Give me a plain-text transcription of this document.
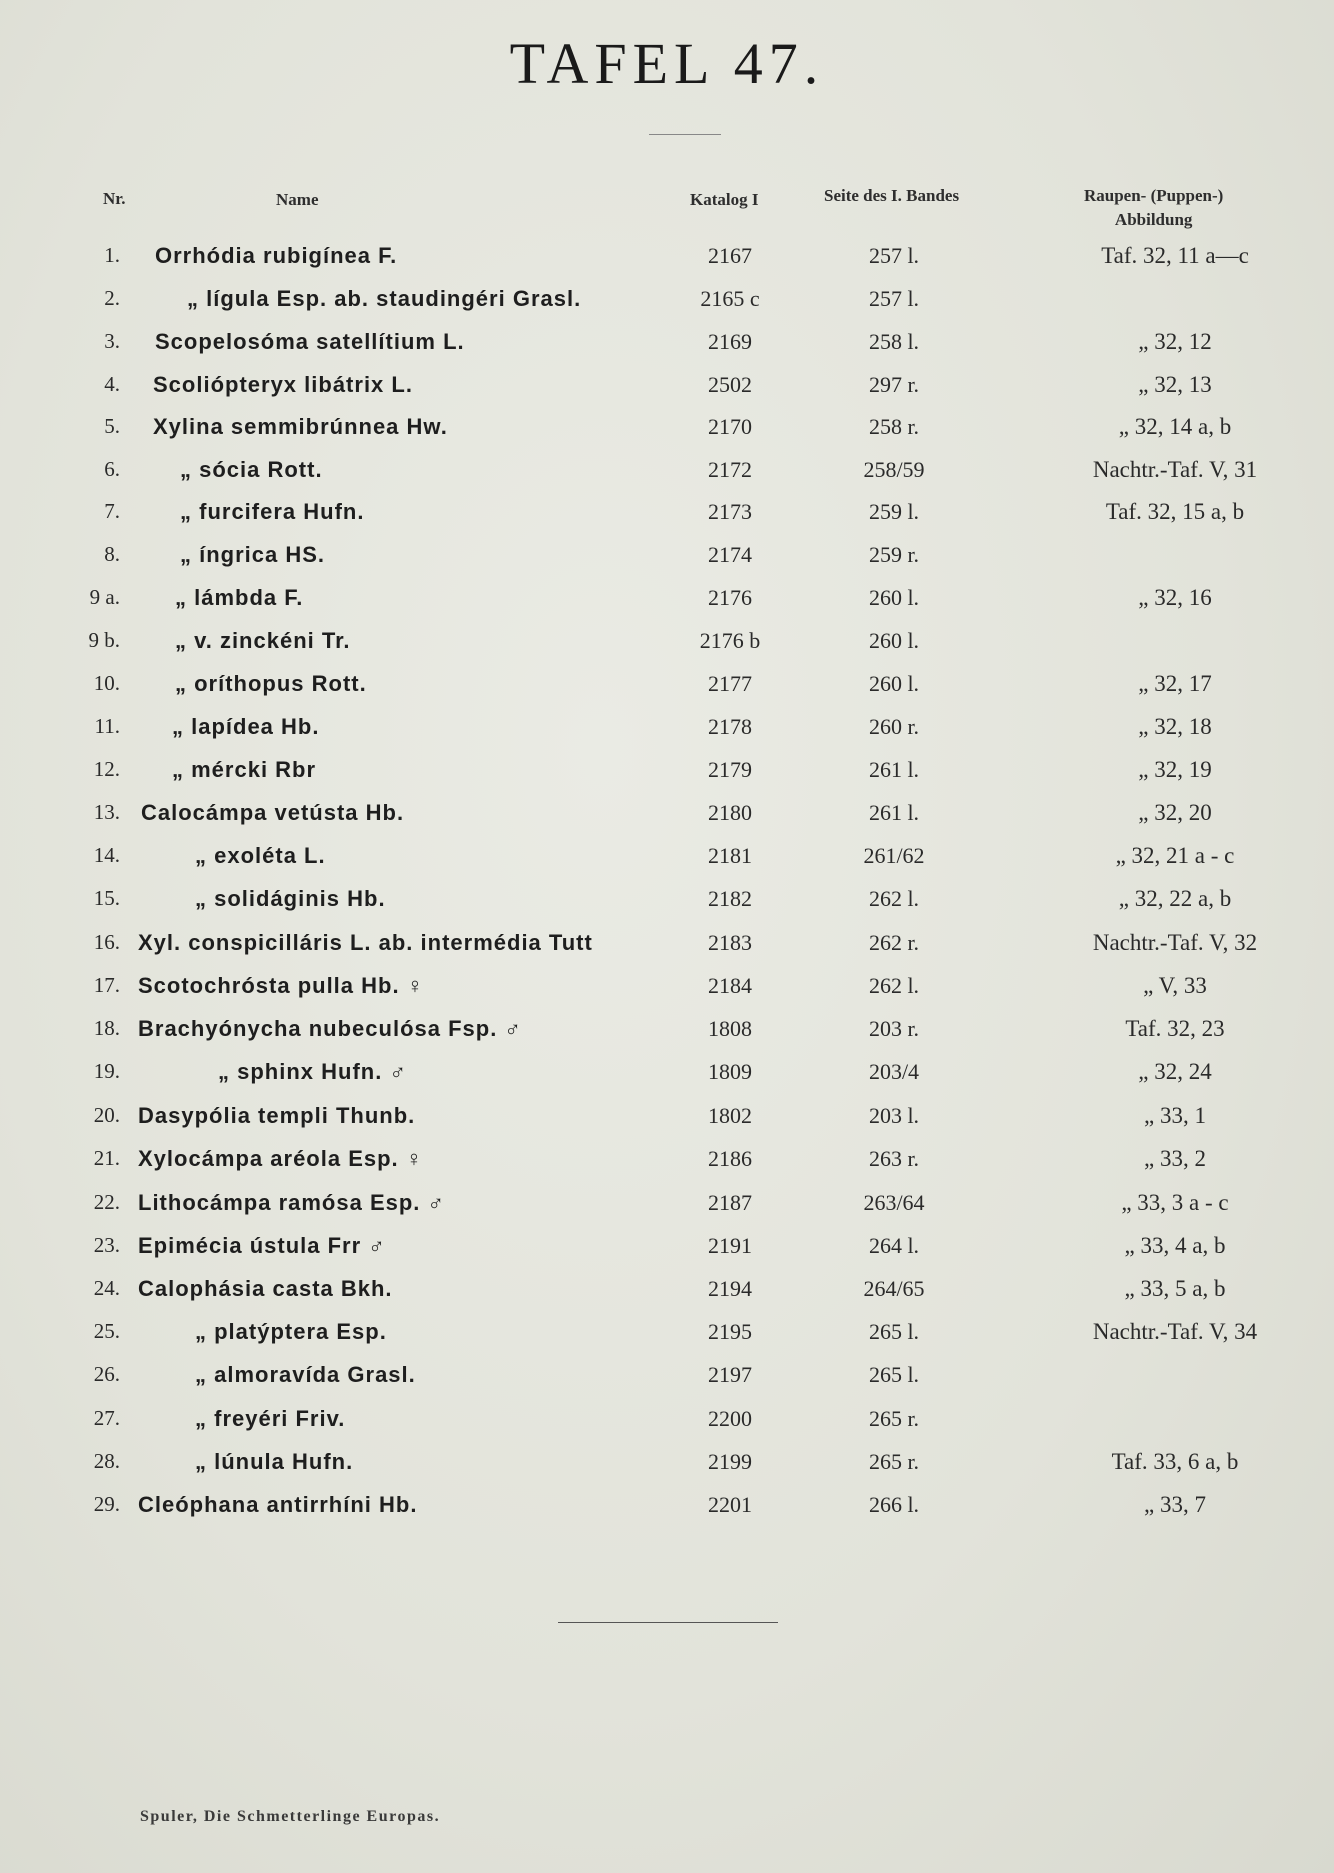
TAFEL 47.
Nr.	Name	Katalog I	Seite des I. Bandes	Raupen- (Puppen-)
Abbildung
1. Orrhódia rubigínea F.	2167	257 l.	Taf. 32, 11 a—c
2.	„ lígula Esp. ab. staudingéri Grasl.	2165 c	257 l.
3. Scopelosóma satellítium L.	2169	258 l.	„ 32, 12
4. Scoliópteryx libátrix L.	2502	297 r.	„ 32, 13
5. Xylina semmibrúnnea Hw.	2170	258 r.	„ 32, 14 a, b
6.	„ sócia Rott.	2172	258/59	Nachtr.-Taf. V, 31
7.	„ furcifera Hufn.	2173	259 l.	Taf. 32, 15 a, b
8.	„ íngrica HS.	2174	259 r.
9 a.	„ lámbda F.	2176	260 l.	„ 32, 16
9 b.	„ v. zinckéni Tr.	2176 b	260 l.
10.	„ oríthopus Rott.	2177	260 l.	„ 32, 17
11. „ lapídea Hb.	2178	260 r.	„ 32, 18
12. „ mércki Rbr	2179	261 l.	„ 32, 19
13. Calocámpa vetústa Hb.	2180	261 l.	„ 32, 20
14.	„ exoléta L.	2181	261/62	„ 32, 21 a - c
15.	„ solidáginis Hb.	2182	262 l.	„ 32, 22 a, b
16. Xyl. conspicilláris L. ab. intermédia Tutt	2183	262 r.	Nachtr.-Taf. V, 32
17. Scotochrósta pulla Hb. ♀	2184	262 l.	„ V, 33
18. Brachyónycha nubeculósa Fsp. ♂	1808	203 r.	Taf. 32, 23
19.	„ sphinx Hufn. ♂	1809	203/4	„ 32, 24
20. Dasypólia templi Thunb.	1802	203 l.	„ 33, 1
21. Xylocámpa aréola Esp. ♀	2186	263 r.	„ 33, 2
22. Lithocámpa ramósa Esp. ♂	2187	263/64	„ 33, 3 a - c
23. Epimécia ústula Frr ♂	2191	264 l.	„ 33, 4 a, b
24. Calophásia casta Bkh.	2194	264/65	„ 33, 5 a, b
25.	„ platýptera Esp.	2195	265 l.	Nachtr.-Taf. V, 34
26.	„ almoravída Grasl.	2197	265 l.
27.	„ freyéri Friv.	2200	265 r.
28.	„ lúnula Hufn.	2199	265 r.	Taf. 33, 6 a, b
29. Cleóphana antirrhíni Hb.	2201	266 l.	„ 33, 7
Spuler, Die Schmetterlinge Europas.
